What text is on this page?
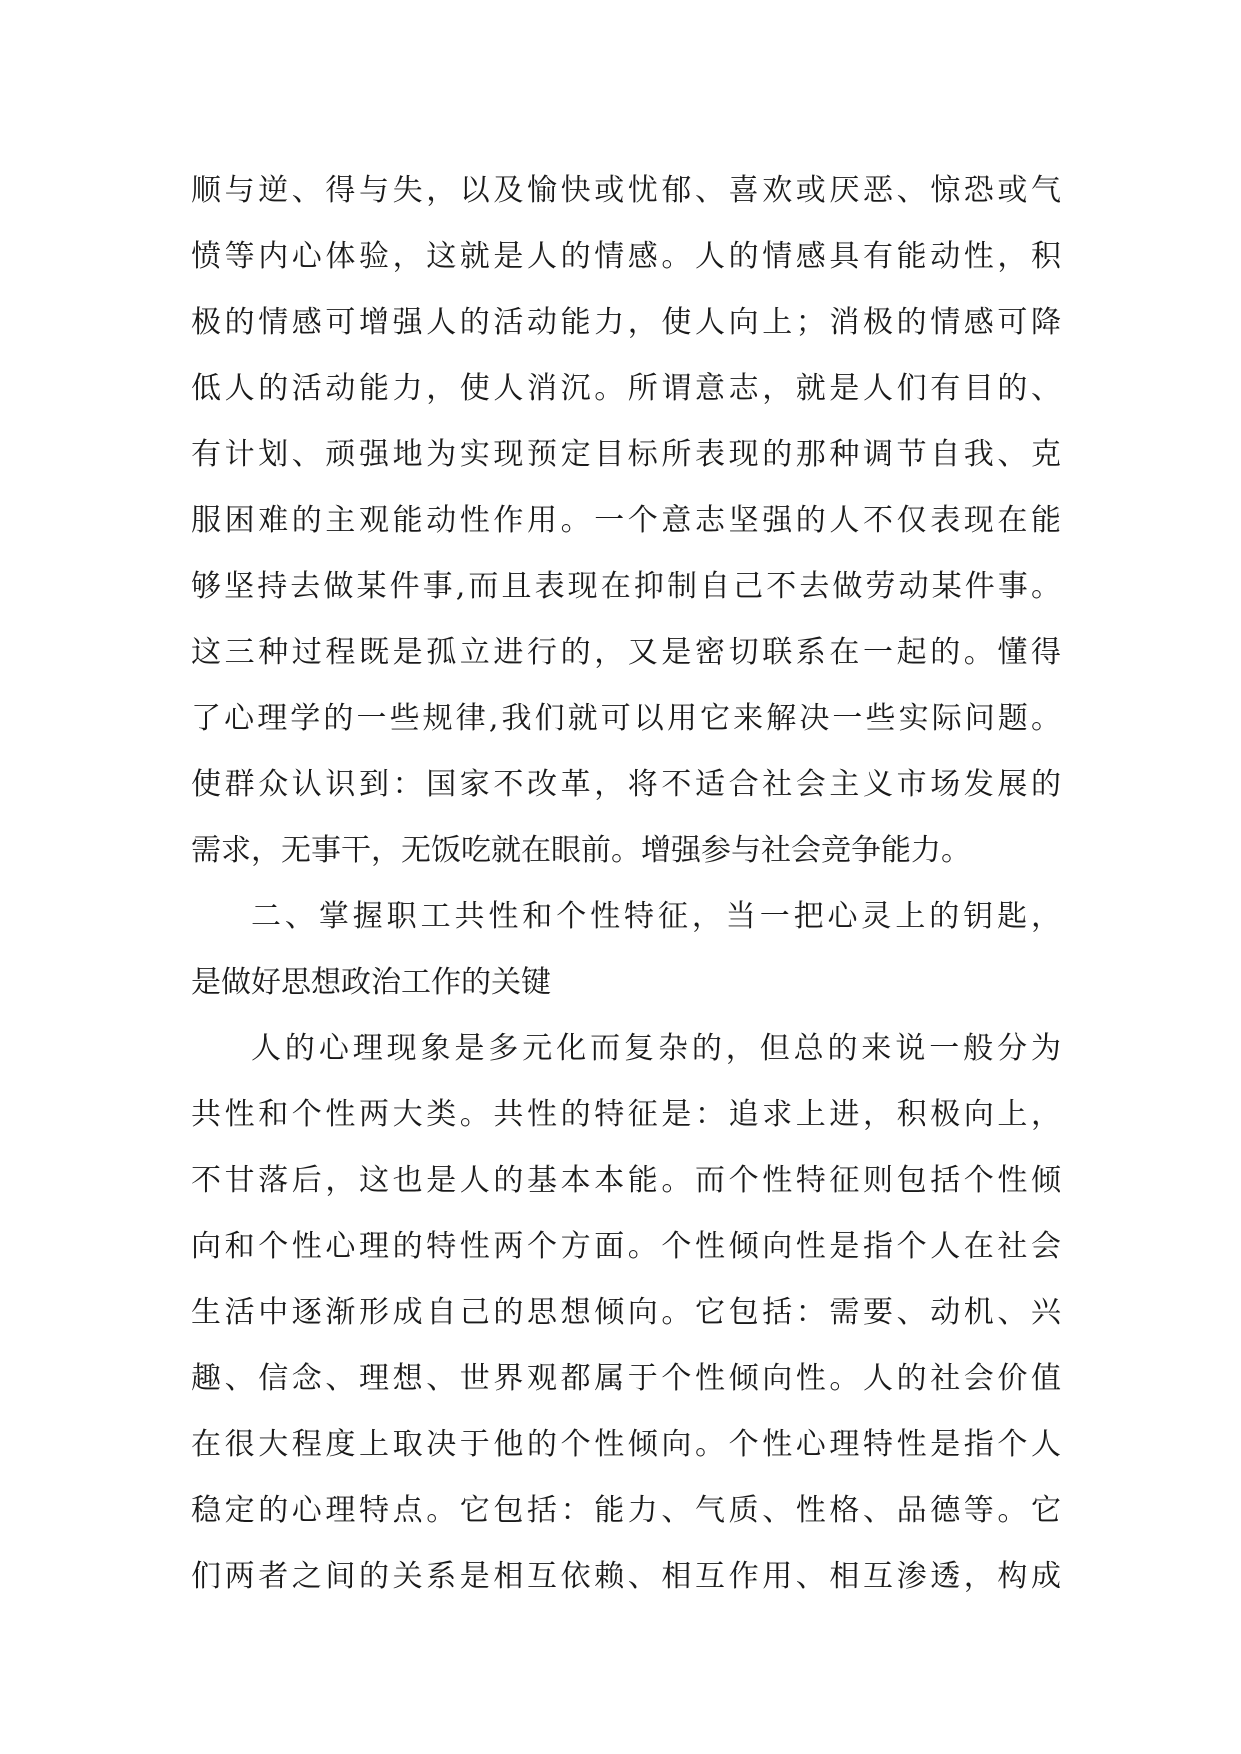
顺与逆、得与失，以及愉快或忧郁、喜欢或厌恶、惊恐或气
愤等内心体验，这就是人的情感。人的情感具有能动性，积
极的情感可增强人的活动能力，使人向上；消极的情感可降
低人的活动能力，使人消沉。所谓意志，就是人们有目的、
有计划、顽强地为实现预定目标所表现的那种调节自我、克
服困难的主观能动性作用。一个意志坚强的人不仅表现在能
够坚持去做某件事,而且表现在抑制自己不去做劳动某件事。
这三种过程既是孤立进行的，又是密切联系在一起的。懂得
了心理学的一些规律,我们就可以用它来解决一些实际问题。
使群众认识到：国家不改革，将不适合社会主义市场发展的
需求，无事干，无饭吃就在眼前。增强参与社会竞争能力。
二、掌握职工共性和个性特征，当一把心灵上的钥匙，
是做好思想政治工作的关键
人的心理现象是多元化而复杂的，但总的来说一般分为
共性和个性两大类。共性的特征是：追求上进，积极向上，
不甘落后，这也是人的基本本能。而个性特征则包括个性倾
向和个性心理的特性两个方面。个性倾向性是指个人在社会
生活中逐渐形成自己的思想倾向。它包括：需要、动机、兴
趣、信念、理想、世界观都属于个性倾向性。人的社会价值
在很大程度上取决于他的个性倾向。个性心理特性是指个人
稳定的心理特点。它包括：能力、气质、性格、品德等。它
们两者之间的关系是相互依赖、相互作用、相互渗透，构成
